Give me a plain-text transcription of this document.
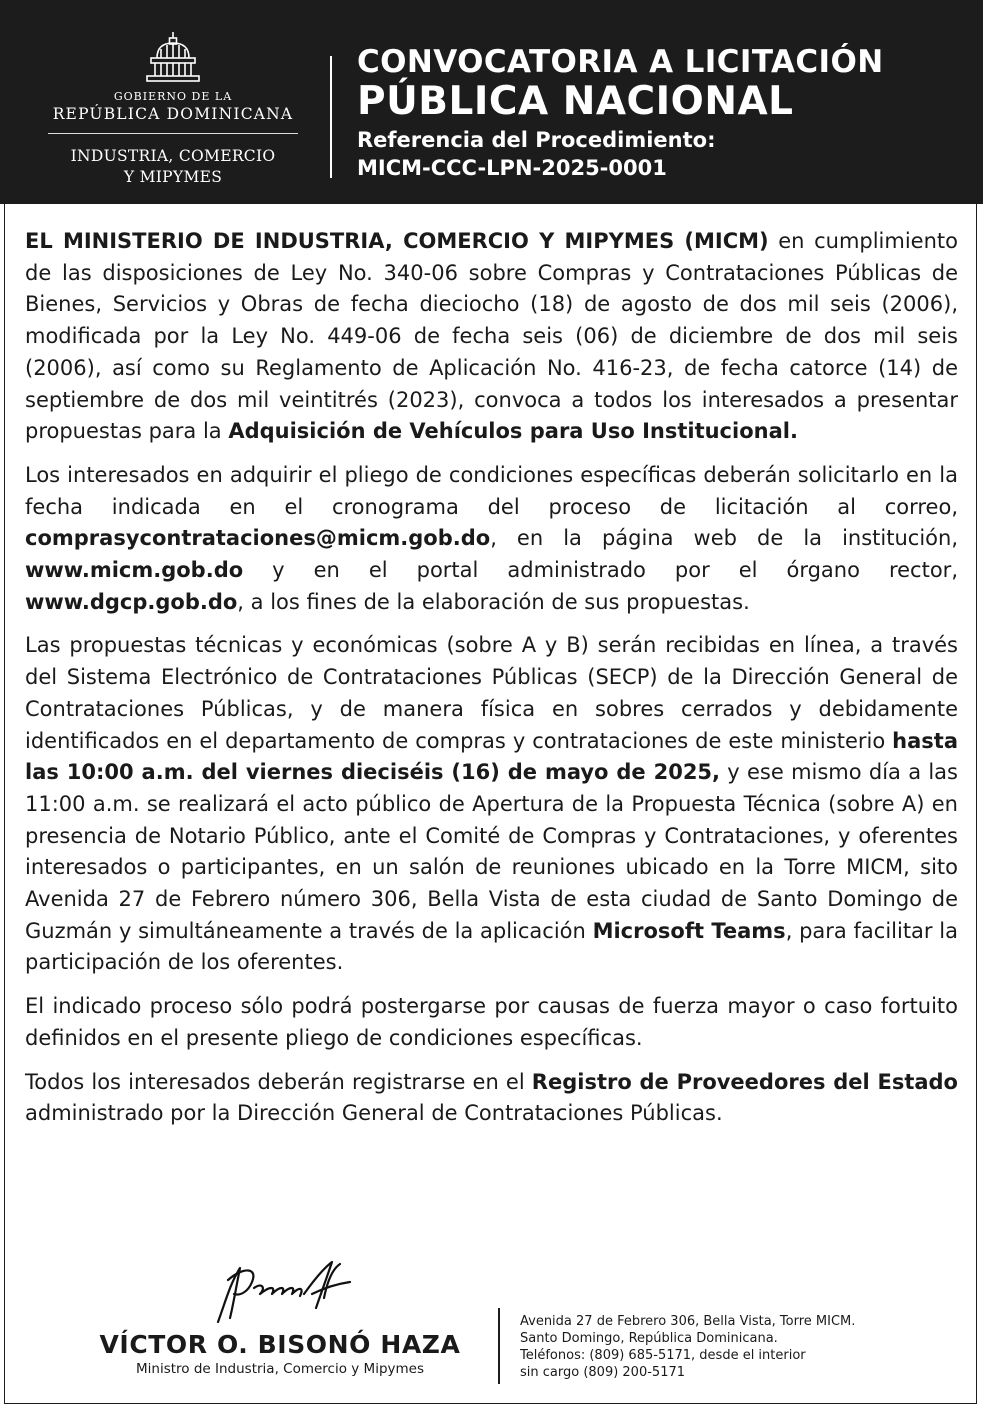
GOBIERNO DE LA
REPÚBLICA DOMINICANA
INDUSTRIA, COMERCIO
Y MIPYMES
CONVOCATORIA A LICITACIÓN
PÚBLICA NACIONAL
Referencia del Procedimiento:
MICM-CCC-LPN-2025-0001

EL MINISTERIO DE INDUSTRIA, COMERCIO Y MIPYMES (MICM) en cumplimiento de las disposiciones de Ley No. 340-06 sobre Compras y Contrataciones Públicas de Bienes, Servicios y Obras de fecha dieciocho (18) de agosto de dos mil seis (2006), modificada por la Ley No. 449-06 de fecha seis (06) de diciembre de dos mil seis (2006), así como su Reglamento de Aplicación No. 416-23, de fecha catorce (14) de septiembre de dos mil veintitrés (2023), convoca a todos los interesados a presentar propuestas para la Adquisición de Vehículos para Uso Institucional.

Los interesados en adquirir el pliego de condiciones específicas deberán solicitarlo en la fecha indicada en el cronograma del proceso de licitación al correo, comprasycontrataciones@micm.gob.do, en la página web de la institución, www.micm.gob.do y en el portal administrado por el órgano rector, www.dgcp.gob.do, a los fines de la elaboración de sus propuestas.

Las propuestas técnicas y económicas (sobre A y B) serán recibidas en línea, a través del Sistema Electrónico de Contrataciones Públicas (SECP) de la Dirección General de Contrataciones Públicas, y de manera física en sobres cerrados y debidamente identificados en el departamento de compras y contrataciones de este ministerio hasta las 10:00 a.m. del viernes dieciséis (16) de mayo de 2025, y ese mismo día a las 11:00 a.m. se realizará el acto público de Apertura de la Propuesta Técnica (sobre A) en presencia de Notario Público, ante el Comité de Compras y Contrataciones, y oferentes interesados o participantes, en un salón de reuniones ubicado en la Torre MICM, sito Avenida 27 de Febrero número 306, Bella Vista de esta ciudad de Santo Domingo de Guzmán y simultáneamente a través de la aplicación Microsoft Teams, para facilitar la participación de los oferentes.

El indicado proceso sólo podrá postergarse por causas de fuerza mayor o caso fortuito definidos en el presente pliego de condiciones específicas.

Todos los interesados deberán registrarse en el Registro de Proveedores del Estado administrado por la Dirección General de Contrataciones Públicas.

VÍCTOR O. BISONÓ HAZA
Ministro de Industria, Comercio y Mipymes
Avenida 27 de Febrero 306, Bella Vista, Torre MICM.
Santo Domingo, República Dominicana.
Teléfonos: (809) 685-5171, desde el interior
sin cargo (809) 200-5171
